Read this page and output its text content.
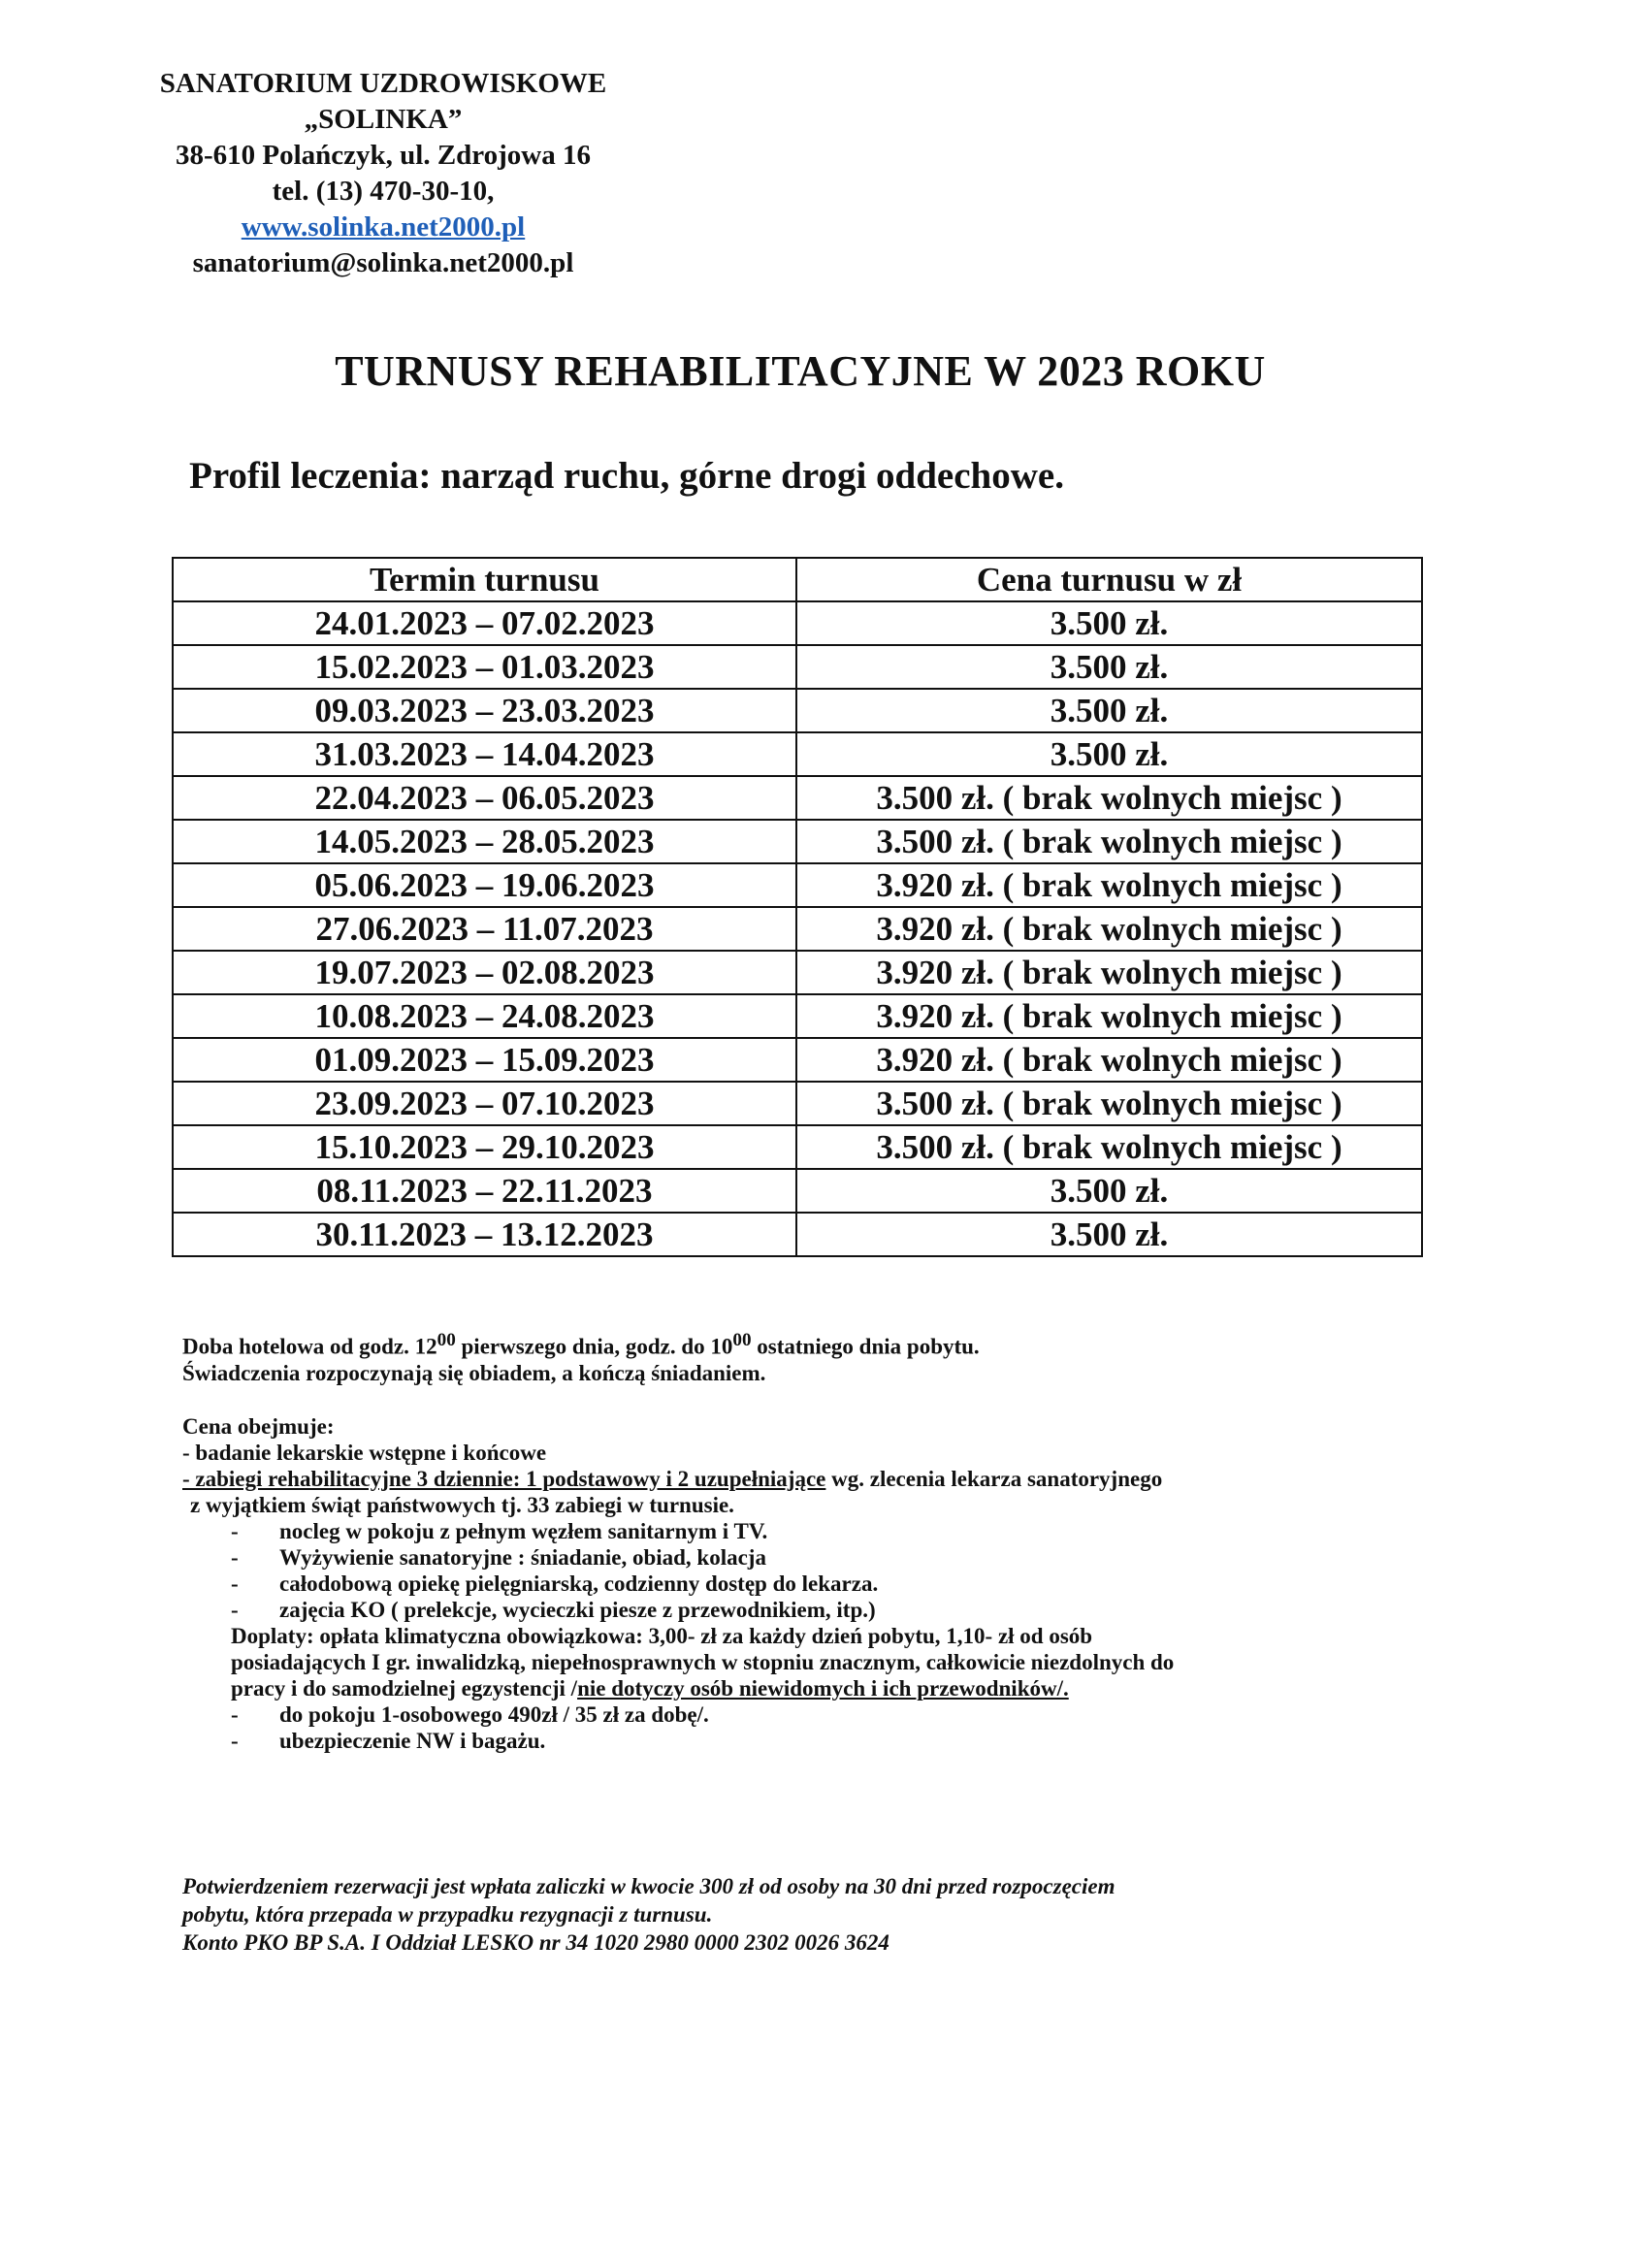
SANATORIUM UZDROWISKOWE
„SOLINKA”
38-610 Polańczyk, ul. Zdrojowa 16
tel. (13) 470-30-10,
www.solinka.net2000.pl
sanatorium@solinka.net2000.pl
TURNUSY REHABILITACYJNE W 2023 ROKU
Profil leczenia: narząd ruchu, górne drogi oddechowe.
Termin turnusu	Cena turnusu w zł
24.01.2023 – 07.02.2023	3.500 zł.
15.02.2023 – 01.03.2023	3.500 zł.
09.03.2023 – 23.03.2023	3.500 zł.
31.03.2023 – 14.04.2023	3.500 zł.
22.04.2023 – 06.05.2023	3.500 zł. ( brak wolnych miejsc )
14.05.2023 – 28.05.2023	3.500 zł. ( brak wolnych miejsc )
05.06.2023 – 19.06.2023	3.920 zł. ( brak wolnych miejsc )
27.06.2023 – 11.07.2023	3.920 zł. ( brak wolnych miejsc )
19.07.2023 – 02.08.2023	3.920 zł. ( brak wolnych miejsc )
10.08.2023 – 24.08.2023	3.920 zł. ( brak wolnych miejsc )
01.09.2023 – 15.09.2023	3.920 zł. ( brak wolnych miejsc )
23.09.2023 – 07.10.2023	3.500 zł. ( brak wolnych miejsc )
15.10.2023 – 29.10.2023	3.500 zł. ( brak wolnych miejsc )
08.11.2023 – 22.11.2023	3.500 zł.
30.11.2023 – 13.12.2023	3.500 zł.

Doba hotelowa od godz. $12^{00}$ pierwszego dnia, godz. do $10^{00}$ ostatniego dnia pobytu.

Świadczenia rozpoczynają się obiadem, a kończą śniadaniem.

Cena obejmuje:

- badanie lekarskie wstępne i końcowe

- zabiegi rehabilitacyjne 3 dziennie: 1 podstawowy i 2 uzupełniające wg. zlecenia lekarza sanatoryjnego

z wyjątkiem świąt państwowych tj. 33 zabiegi w turnusie.

- nocleg w pokoju z pełnym węzłem sanitarnym i TV.
- Wyżywienie sanatoryjne : śniadanie, obiad, kolacja
- całodobową opiekę pielęgniarską, codzienny dostęp do lekarza.
- zajęcia KO ( prelekcje, wycieczki piesze z przewodnikiem, itp.)

Doplaty: opłata klimatyczna obowiązkowa: 3,00- zł za każdy dzień pobytu, 1,10- zł od osób

posiadających I gr. inwalidzką, niepełnosprawnych w stopniu znacznym, całkowicie niezdolnych do

pracy i do samodzielnej egzystencji /nie dotyczy osób niewidomych i ich przewodników/.

- do pokoju 1-osobowego 490zł / 35 zł za dobę/.
- ubezpieczenie NW i bagażu.

Potwierdzeniem rezerwacji jest wpłata zaliczki w kwocie 300 zł od osoby na 30 dni przed rozpoczęciem

pobytu, która przepada w przypadku rezygnacji z turnusu.

Konto PKO BP S.A. I Oddział LESKO nr 34 1020 2980 0000 2302 0026 3624
